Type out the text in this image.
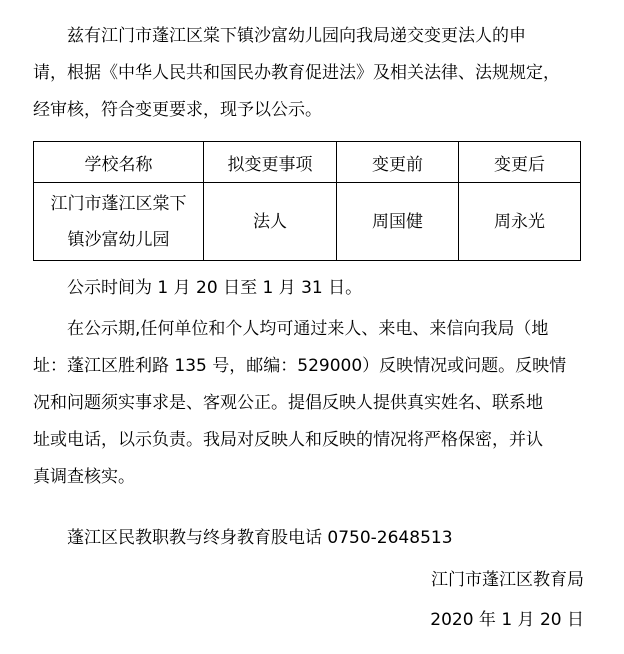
兹有江门市蓬江区棠下镇沙富幼儿园向我局递交变更法人的申
请，根据《中华人民共和国民办教育促进法》及相关法律、法规规定，
经审核，符合变更要求，现予以公示。
学校名称	拟变更事项	变更前	变更后

江门市蓬江区棠下
镇沙富幼儿园	法人	周国健	周永光
公示时间为 1 月 20 日至 1 月 31 日。
在公示期,任何单位和个人均可通过来人、来电、来信向我局（地
址：蓬江区胜利路 135 号，邮编：529000）反映情况或问题。反映情
况和问题须实事求是、客观公正。提倡反映人提供真实姓名、联系地
址或电话，以示负责。我局对反映人和反映的情况将严格保密，并认
真调查核实。
蓬江区民教职教与终身教育股电话 0750-2648513
江门市蓬江区教育局
2020 年 1 月 20 日
